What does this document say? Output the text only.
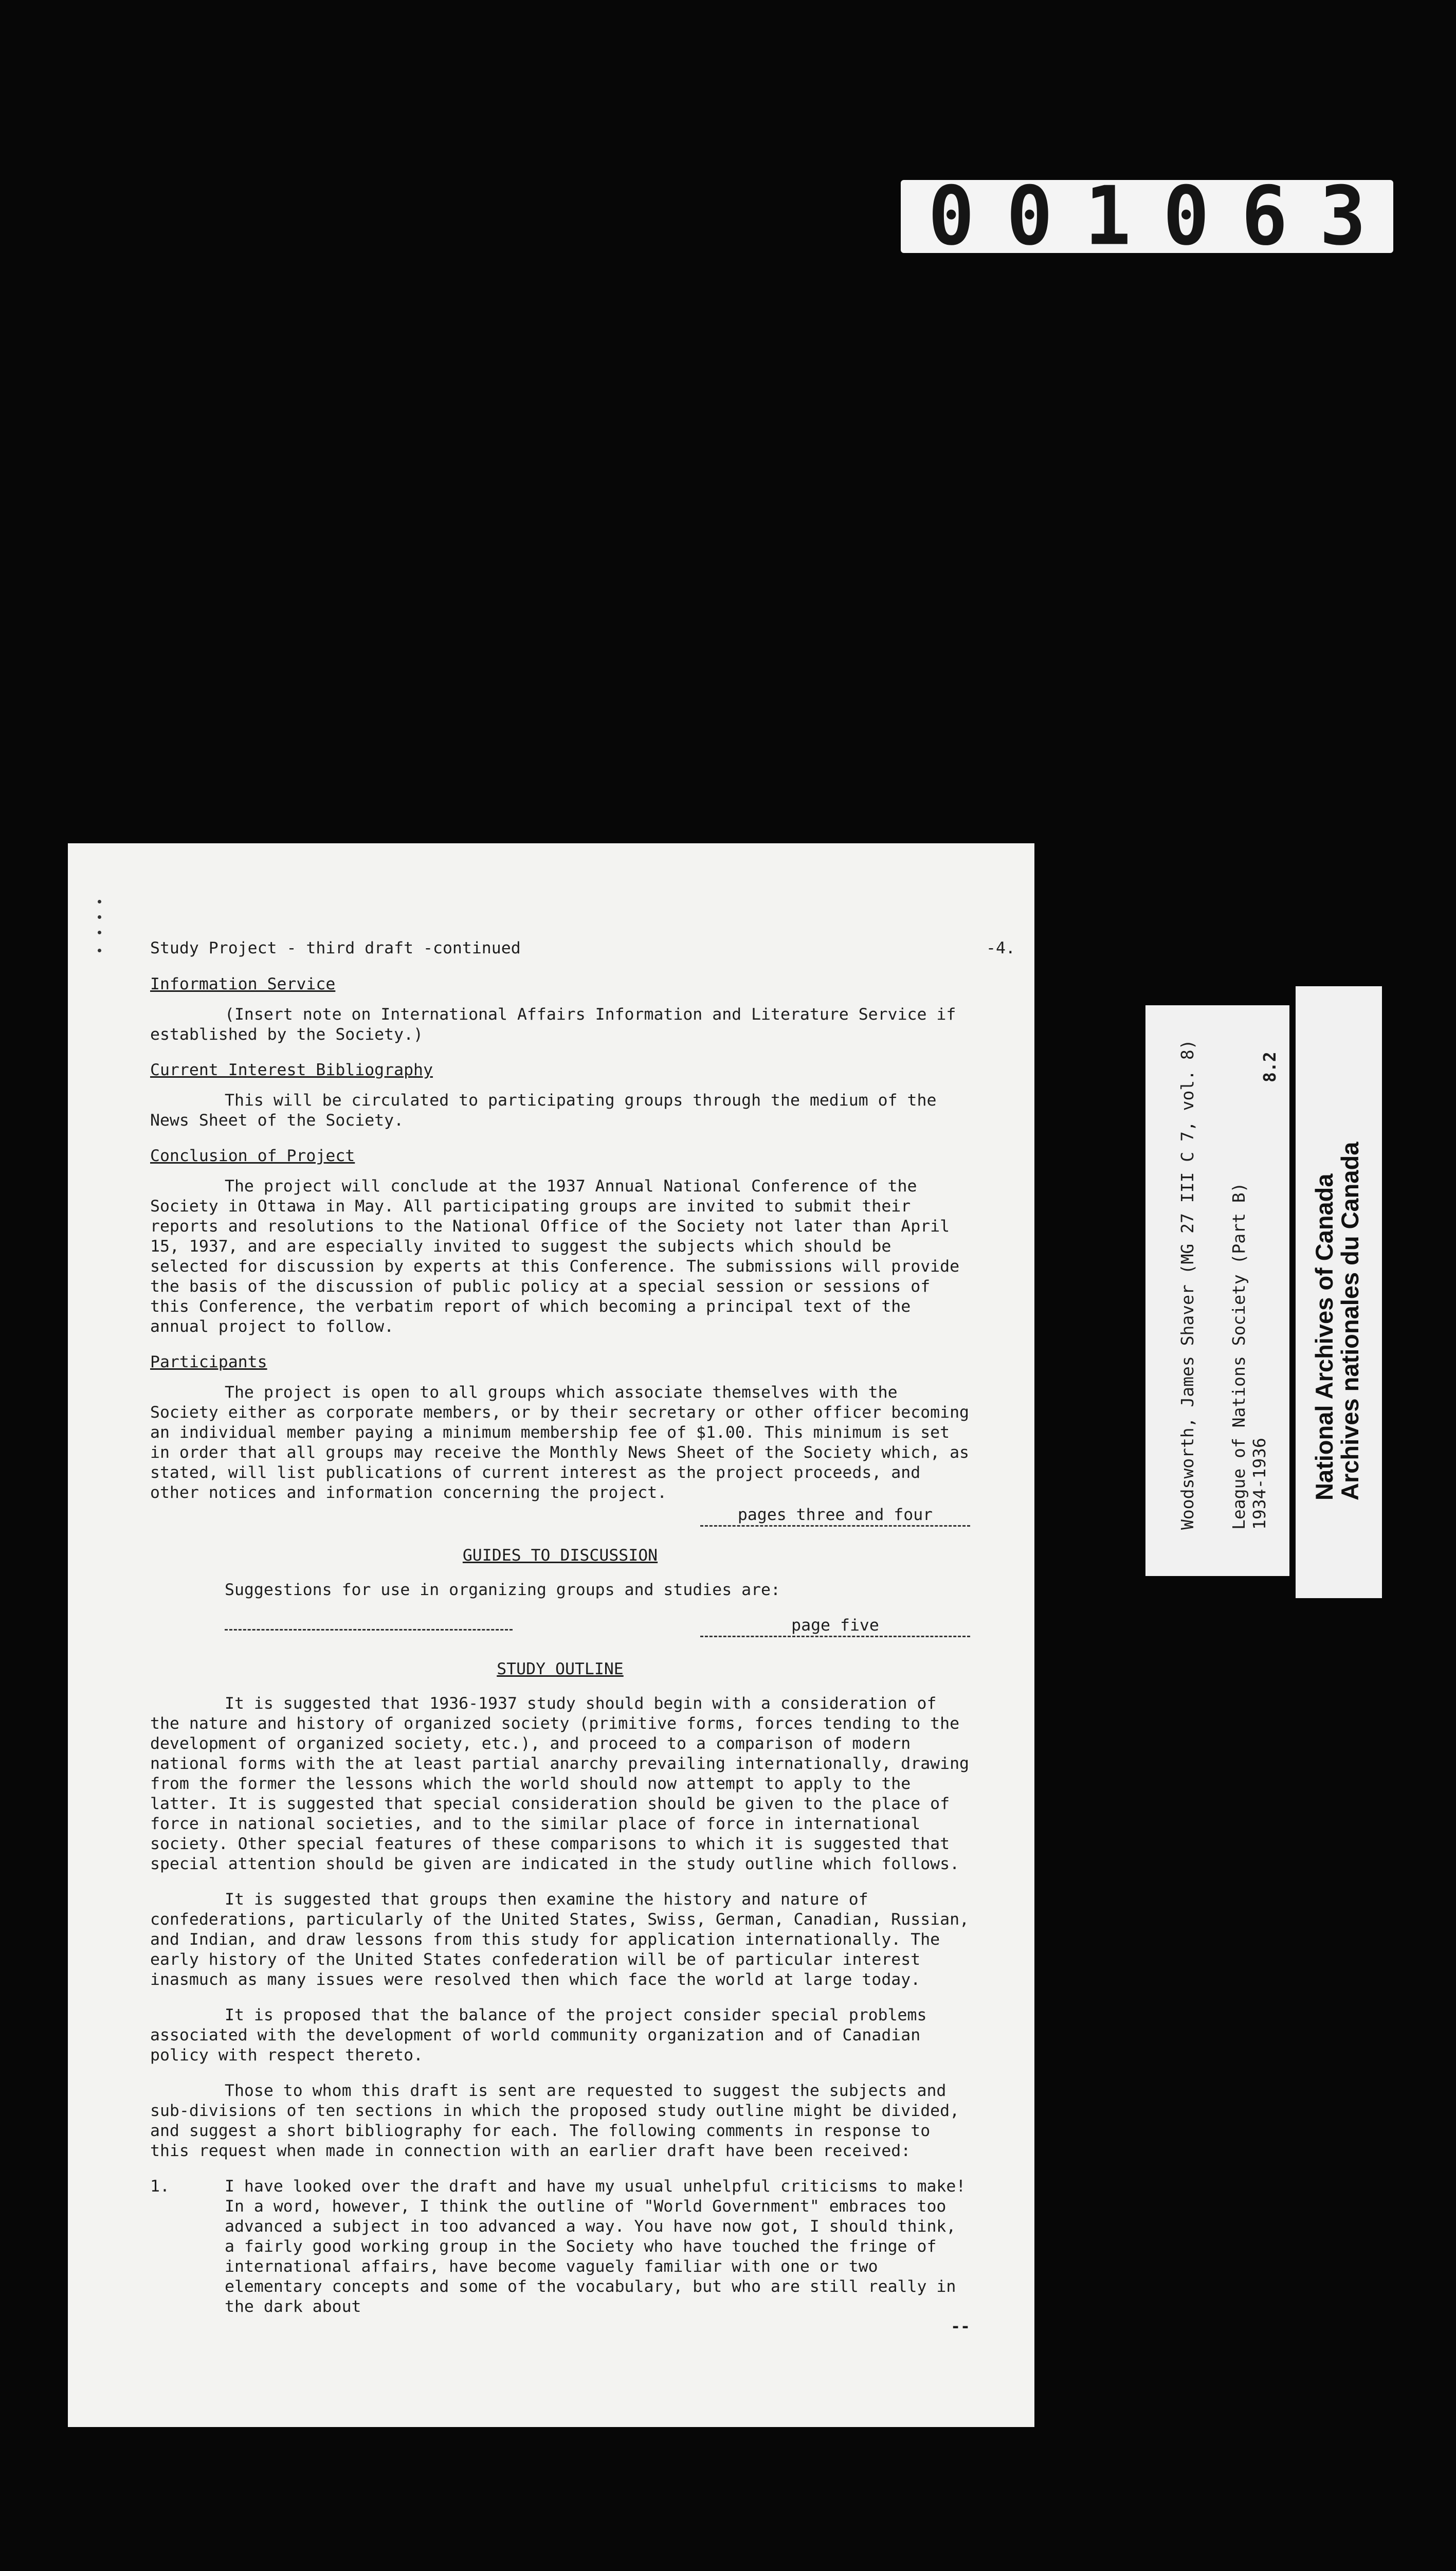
001063
Study Project - third draft -continued	-4.
Information Service

(Insert note on International Affairs Information and Literature Service if established by the Society.)

Current Interest Bibliography

This will be circulated to participating groups through the medium of the News Sheet of the Society.

Conclusion of Project

The project will conclude at the 1937 Annual National Conference of the Society in Ottawa in May. All participating groups are invited to submit their reports and resolutions to the National Office of the Society not later than April 15, 1937, and are especially invited to suggest the subjects which should be selected for discussion by experts at this Conference. The submissions will provide the basis of the discussion of public policy at a special session or sessions of this Conference, the verbatim report of which becoming a principal text of the annual project to follow.

Participants

The project is open to all groups which associate themselves with the Society either as corporate members, or by their secretary or other officer becoming an individual member paying a minimum membership fee of $1.00. This minimum is set in order that all groups may receive the Monthly News Sheet of the Society which, as stated, will list publications of current interest as the project proceeds, and other notices and information concerning the project.

pages three and four
GUIDES TO DISCUSSION

Suggestions for use in organizing groups and studies are:

page five
STUDY OUTLINE

It is suggested that 1936-1937 study should begin with a consideration of the nature and history of organized society (primitive forms, forces tending to the development of organized society, etc.), and proceed to a comparison of modern national forms with the at least partial anarchy prevailing internationally, drawing from the former the lessons which the world should now attempt to apply to the latter. It is suggested that special consideration should be given to the place of force in national societies, and to the similar place of force in international society. Other special features of these comparisons to which it is suggested that special attention should be given are indicated in the study outline which follows.

It is suggested that groups then examine the history and nature of confederations, particularly of the United States, Swiss, German, Canadian, Russian, and Indian, and draw lessons from this study for application internationally. The early history of the United States confederation will be of particular interest inasmuch as many issues were resolved then which face the world at large today.

It is proposed that the balance of the project consider special problems associated with the development of world community organization and of Canadian policy with respect thereto.

Those to whom this draft is sent are requested to suggest the subjects and sub-divisions of ten sections in which the proposed study outline might be divided, and suggest a short bibliography for each. The following comments in response to this request when made in connection with an earlier draft have been received:

1.	I have looked over the draft and have my usual unhelpful criticisms to make! In a word, however, I think the outline of "World Government" embraces too advanced a subject in too advanced a way. You have now got, I should think, a fairly good working group in the Society who have touched the fringe of international affairs, have become vaguely familiar with one or two elementary concepts and some of the vocabulary, but who are still really in the dark about
--
Woodsworth, James Shaver (MG 27 III C 7, vol. 8) League of Nations Society (Part B) 1934-1936
8.2
National Archives of Canada
Archives nationales du Canada
